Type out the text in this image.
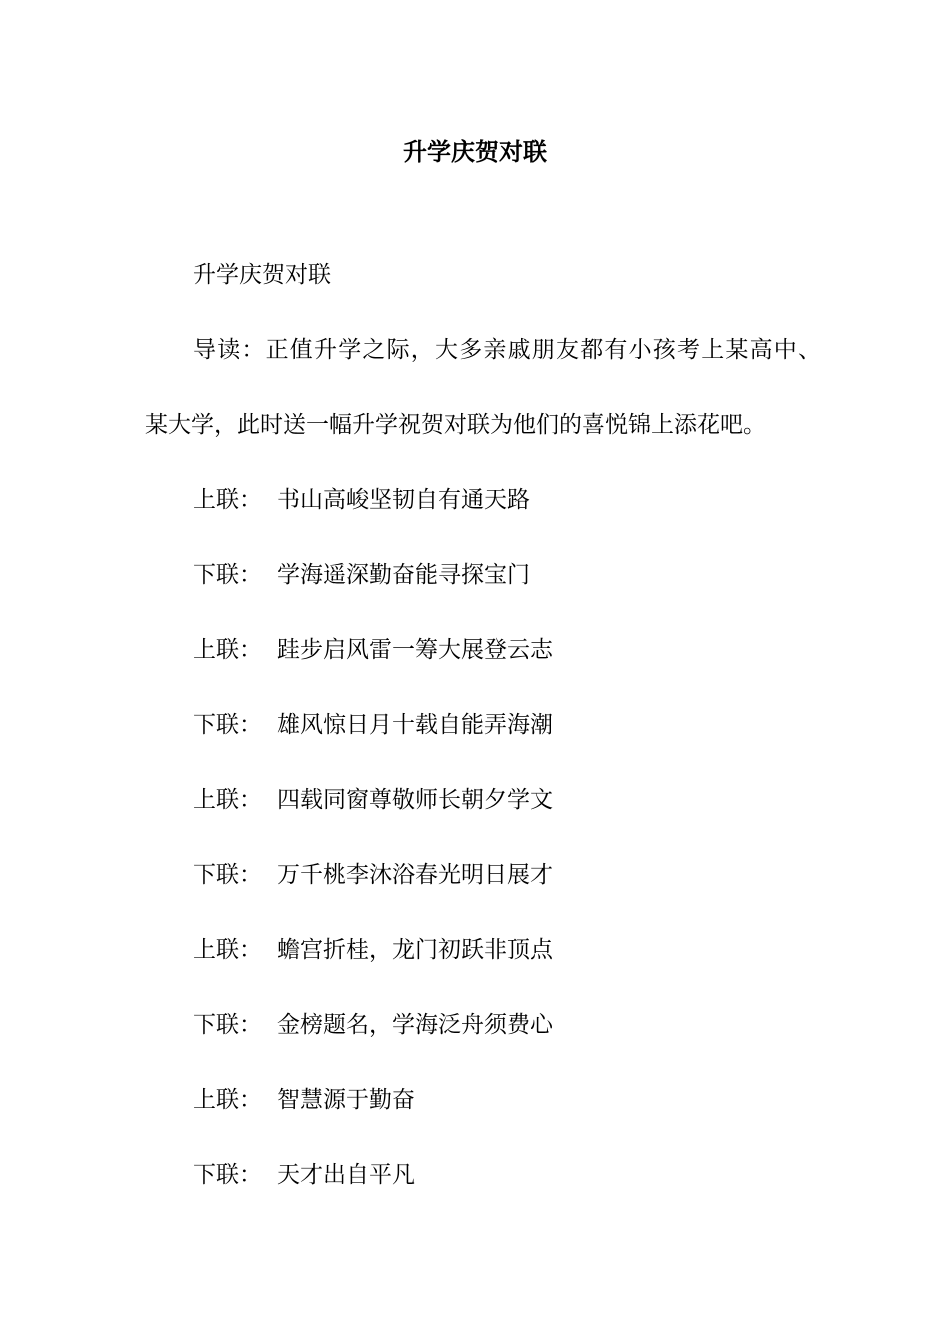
升学庆贺对联
升学庆贺对联
导读：正值升学之际，大多亲戚朋友都有小孩考上某高中、
某大学，此时送一幅升学祝贺对联为他们的喜悦锦上添花吧。
上联： 书山高峻坚韧自有通天路
下联： 学海遥深勤奋能寻探宝门
上联： 跬步启风雷一筹大展登云志
下联： 雄风惊日月十载自能弄海潮
上联： 四载同窗尊敬师长朝夕学文
下联： 万千桃李沐浴春光明日展才
上联： 蟾宫折桂，龙门初跃非顶点
下联： 金榜题名，学海泛舟须费心
上联： 智慧源于勤奋
下联： 天才出自平凡
